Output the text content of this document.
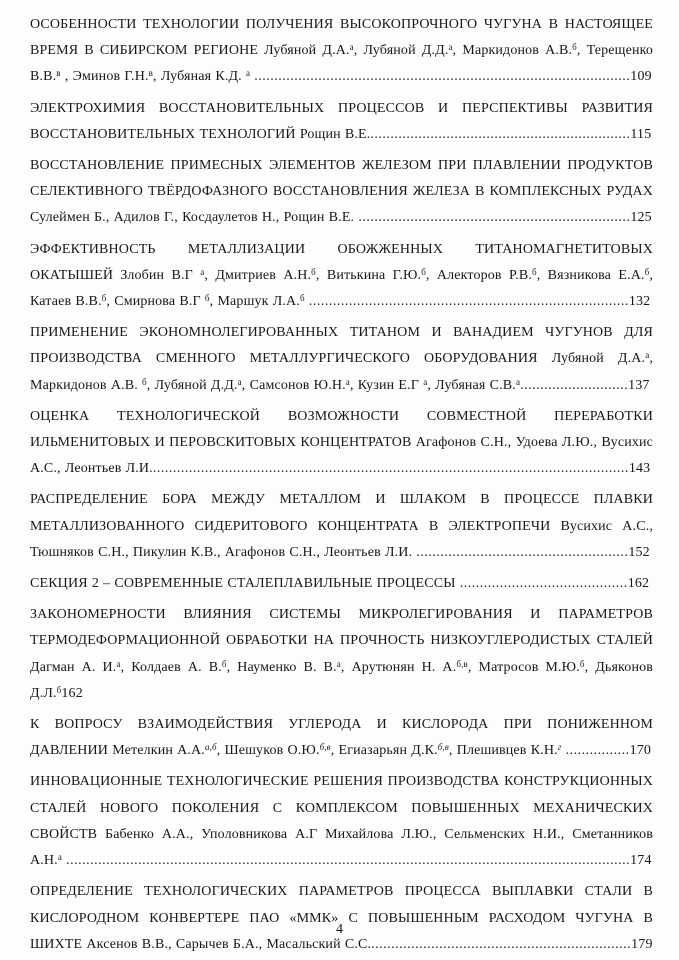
ОСОБЕННОСТИ ТЕХНОЛОГИИ ПОЛУЧЕНИЯ ВЫСОКОПРОЧНОГО ЧУГУНА В НАСТОЯЩЕЕ ВРЕМЯ В СИБИРСКОМ РЕГИОНЕ Лубяной Д.А.$^а$, Лубяной Д.Д.$^а$, Маркидонов А.В.$^б$, Терещенко В.В.$^в$ , Эминов Г.Н.$^в$, Лубяная К.Д. $^а$ ..............................................................................................109

ЭЛЕКТРОХИМИЯ ВОССТАНОВИТЕЛЬНЫХ ПРОЦЕССОВ И ПЕРСПЕКТИВЫ РАЗВИТИЯ ВОССТАНОВИТЕЛЬНЫХ ТЕХНОЛОГИЙ Рощин В.Е..................................................................115

ВОССТАНОВЛЕНИЕ ПРИМЕСНЫХ ЭЛЕМЕНТОВ ЖЕЛЕЗОМ ПРИ ПЛАВЛЕНИИ ПРОДУКТОВ СЕЛЕКТИВНОГО ТВЁРДОФАЗНОГО ВОССТАНОВЛЕНИЯ ЖЕЛЕЗА В КОМПЛЕКСНЫХ РУДАХ Сулеймен Б., Адилов Г., Косдаулетов Н., Рощин В.Е. ....................................................................125

ЭФФЕКТИВНОСТЬ МЕТАЛЛИЗАЦИИ ОБОЖЖЕННЫХ ТИТАНОМАГНЕТИТОВЫХ ОКАТЫШЕЙ Злобин В.Г $^а$, Дмитриев А.Н.$^б$, Витькина Г.Ю.$^б$, Алекторов Р.В.$^б$, Вязникова Е.А.$^б$, Катаев В.В.$^б$, Смирнова В.Г $^б$, Маршук Л.А.$^б$ ................................................................................132

ПРИМЕНЕНИЕ ЭКОНОМНОЛЕГИРОВАННЫХ ТИТАНОМ И ВАНАДИЕМ ЧУГУНОВ ДЛЯ ПРОИЗВОДСТВА СМЕННОГО МЕТАЛЛУРГИЧЕСКОГО ОБОРУДОВАНИЯ Лубяной Д.А.$^а$, Маркидонов А.В. $^б$, Лубяной Д.Д.$^а$, Самсонов Ю.Н.$^а$, Кузин Е.Г $^а$, Лубяная С.В.$^а$...........................137

ОЦЕНКА ТЕХНОЛОГИЧЕСКОЙ ВОЗМОЖНОСТИ СОВМЕСТНОЙ ПЕРЕРАБОТКИ ИЛЬМЕНИТОВЫХ И ПЕРОВСКИТОВЫХ КОНЦЕНТРАТОВ Агафонов С.Н., Удоева Л.Ю., Вусихис А.С., Леонтьев Л.И........................................................................................................................143

РАСПРЕДЕЛЕНИЕ БОРА МЕЖДУ МЕТАЛЛОМ И ШЛАКОМ В ПРОЦЕССЕ ПЛАВКИ МЕТАЛЛИЗОВАННОГО СИДЕРИТОВОГО КОНЦЕНТРАТА В ЭЛЕКТРОПЕЧИ Вусихис А.С., Тюшняков С.Н., Пикулин К.В., Агафонов С.Н., Леонтьев Л.И. .....................................................152

СЕКЦИЯ 2 – СОВРЕМЕННЫЕ СТАЛЕПЛАВИЛЬНЫЕ ПРОЦЕССЫ ..........................................162

ЗАКОНОМЕРНОСТИ ВЛИЯНИЯ СИСТЕМЫ МИКРОЛЕГИРОВАНИЯ И ПАРАМЕТРОВ ТЕРМОДЕФОРМАЦИОННОЙ ОБРАБОТКИ НА ПРОЧНОСТЬ НИЗКОУГЛЕРОДИСТЫХ СТАЛЕЙ Дагман А. И.$^а$, Колдаев А. В.$^б$, Науменко В. В.$^а$, Арутюнян Н. А.$^{б,в}$, Матросов М.Ю.$^б$, Дьяконов Д.Л.$^б$162

К ВОПРОСУ ВЗАИМОДЕЙСТВИЯ УГЛЕРОДА И КИСЛОРОДА ПРИ ПОНИЖЕННОМ ДАВЛЕНИИ Метелкин А.А.$^{а,б}$, Шешуков О.Ю.$^{б,в}$, Егиазарьян Д.К.$^{б,в}$, Плешивцев К.Н.$^г$ ................170

ИННОВАЦИОННЫЕ ТЕХНОЛОГИЧЕСКИЕ РЕШЕНИЯ ПРОИЗВОДСТВА КОНСТРУКЦИОННЫХ СТАЛЕЙ НОВОГО ПОКОЛЕНИЯ С КОМПЛЕКСОМ ПОВЫШЕННЫХ МЕХАНИЧЕСКИХ СВОЙСТВ Бабенко А.А., Уполовникова А.Г Михайлова Л.Ю., Сельменских Н.И., Сметанников А.Н.$^а$ .............................................................................................................................................174

ОПРЕДЕЛЕНИЕ ТЕХНОЛОГИЧЕСКИХ ПАРАМЕТРОВ ПРОЦЕССА ВЫПЛАВКИ СТАЛИ В КИСЛОРОДНОМ КОНВЕРТЕРЕ ПАО «ММК» С ПОВЫШЕННЫМ РАСХОДОМ ЧУГУНА В ШИХТЕ Аксенов В.В., Сарычев Б.А., Масальский С.С..................................................................179

4
